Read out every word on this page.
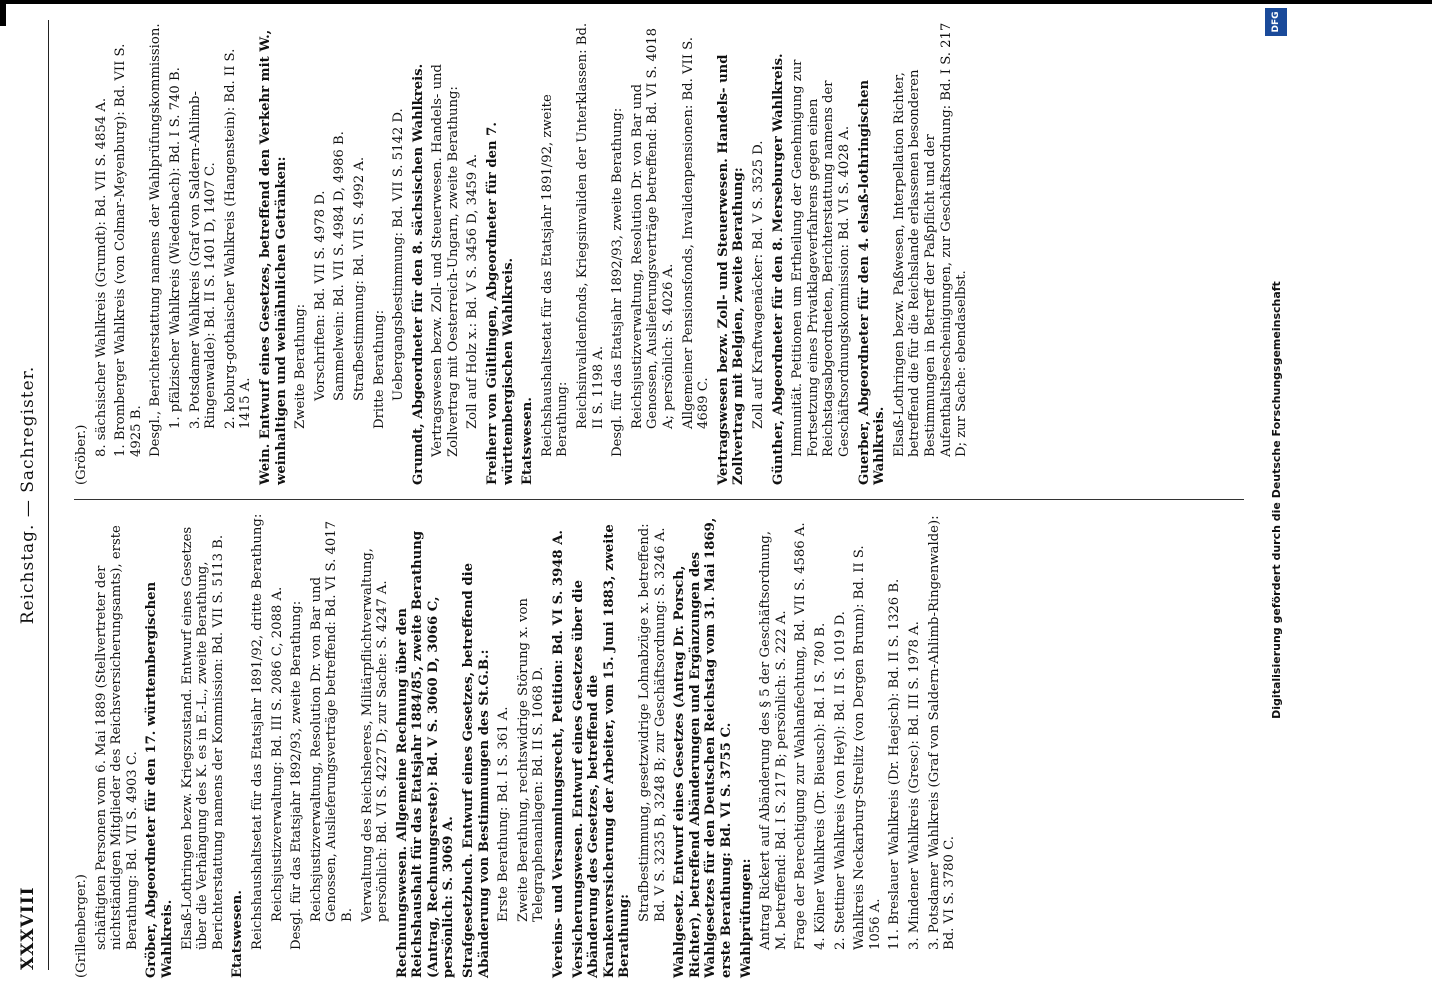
XXXVIII
Reichstag. — Sachregister.

(Grillenberger.) schäftigten Personen vom 6. Mai 1889 (Stellvertreter der nichtständigen Mitglieder des Reichsversicherungsamts), erste Berathung: Bd. VII S. 4903 C. Gröber, Abgeordneter für den 17. württembergischen Wahlkreis. Elsaß-Lothringen bezw. Kriegszustand. Entwurf eines Gesetzes über die Verhängung des K. es in E.-L., zweite Berathung, Berichterstattung namens der Kommission: Bd. VII S. 5113 B. Etatswesen. Reichshaushaltsetat für das Etatsjahr 1891/92, dritte Berathung: Reichsjustizverwaltung: Bd. III S. 2086 C, 2088 A. Desgl. für das Etatsjahr 1892/93, zweite Berathung: Reichsjustizverwaltung, Resolution Dr. von Bar und Genossen, Auslieferungsverträge betreffend: Bd. VI S. 4017 B. Verwaltung des Reichsheeres, Militärpflichtverwaltung, persönlich: Bd. VI S. 4227 D; zur Sache: S. 4247 A. Rechnungswesen. Allgemeine Rechnung über den Reichshaushalt für das Etatsjahr 1884/85, zweite Berathung (Antrag, Rechnungsreste): Bd. V S. 3060 D, 3066 C, persönlich: S. 3069 A. Strafgesetzbuch. Entwurf eines Gesetzes, betreffend die Abänderung von Bestimmungen des St.G.B.: Erste Berathung: Bd. I S. 361 A. Zweite Berathung, rechtswidrige Störung x. von Telegraphenanlagen: Bd. II S. 1068 D. Vereins- und Versammlungsrecht, Petition: Bd. VI S. 3948 A. Versicherungswesen. Entwurf eines Gesetzes über die Abänderung des Gesetzes, betreffend die Krankenversicherung der Arbeiter, vom 15. Juni 1883, zweite Berathung:

Strafbestimmung, gesetzwidrige Lohnabzüge x. betreffend: Bd. V S. 3235 B, 3248 B; zur Geschäftsordnung: S. 3246 A. Wahlgesetz. Entwurf eines Gesetzes (Antrag Dr. Porsch, Richter), betreffend Abänderungen und Ergänzungen des Wahlgesetzes für den Deutschen Reichstag vom 31. Mai 1869, erste Berathung: Bd. VI S. 3755 C. Wahlprüfungen: Antrag Rickert auf Abänderung des § 5 der Geschäftsordnung, M. betreffend: Bd. I S. 217 B; persönlich: S. 222 A. Frage der Berechtigung zur Wahlanfechtung, Bd. VII S. 4586 A. 4. Kölner Wahlkreis (Dr. Bieusch): Bd. I S. 780 B. 2. Stettiner Wahlkreis (von Heyl): Bd. II S. 1019 D. Wahlkreis Neckarburg-Strelitz (von Dergen Brunn): Bd. II S. 1056 A. 11. Breslauer Wahlkreis (Dr. Haejsch): Bd. II S. 1326 B. 3. Mindener Wahlkreis (Gresc): Bd. III S. 1978 A. 3. Potsdamer Wahlkreis (Graf von Saldern-Ahlimb-Ringenwalde): Bd. VI S. 3780 C.

(Gröber.) 8. sächsischer Wahlkreis (Grumdt): Bd. VII S. 4854 A. 1. Bromberger Wahlkreis (von Colmar-Meyenburg): Bd. VII S. 4925 B. Desgl., Berichterstattung namens der Wahlprüfungskommission. 1. pfälzischer Wahlkreis (Wiedenbach): Bd. I S. 740 B. 3. Potsdamer Wahlkreis (Graf von Saldern-Ahlimb-Ringenwalde): Bd. II S. 1401 D, 1407 C. 2. koburg-gothaischer Wahlkreis (Hangenstein): Bd. II S. 1415 A. Wein. Entwurf eines Gesetzes, betreffend den Verkehr mit W., weinhaltigen und weinähnlichen Getränken: Zweite Berathung: Vorschriften: Bd. VII S. 4978 D. Sammelwein: Bd. VII S. 4984 D, 4986 B. Strafbestimmung: Bd. VII S. 4992 A. Dritte Berathung: Uebergangsbestimmung: Bd. VII S. 5142 D. Grumdt, Abgeordneter für den 8. sächsischen Wahlkreis. Vertragswesen bezw. Zoll- und Steuerwesen. Handels- und Zollvertrag mit Oesterreich-Ungarn, zweite Berathung: Zoll auf Holz x.: Bd. V S. 3456 D, 3459 A. Freiherr von Gültlingen, Abgeordneter für den 7. württembergischen Wahlkreis. Etatswesen. Reichshaushaltsetat für das Etatsjahr 1891/92, zweite Berathung: Reichsinvalidenfonds, Kriegsinvaliden der Unterklassen: Bd. II S. 1198 A. Desgl. für das Etatsjahr 1892/93, zweite Berathung: Reichsjustizverwaltung, Resolution Dr. von Bar und Genossen, Auslieferungsverträge betreffend: Bd. VI S. 4018 A; persönlich: S. 4026 A. Allgemeiner Pensionsfonds, Invalidenpensionen: Bd. VII S. 4689 C. Vertragswesen bezw. Zoll- und Steuerwesen. Handels- und Zollvertrag mit Belgien, zweite Berathung: Zoll auf Kraftwagenäcker: Bd. V S. 3525 D. Günther, Abgeordneter für den 8. Merseburger Wahlkreis. Immunität. Petitionen um Ertheilung der Genehmigung zur Fortsetzung eines Privatklageverfahrens gegen einen Reichstagsabgeordneten, Berichterstattung namens der Geschäftsordnungskommission: Bd. VI S. 4028 A. Guerber, Abgeordneter für den 4. elsaß-lothringischen Wahlkreis. Elsaß-Lothringen bezw. Paßwesen, Interpellation Richter, betreffend die für die Reichslande erlassenen besonderen Bestimmungen in Betreff der Paßpflicht und der Aufenthaltsbescheinigungen, zur Geschäftsordnung: Bd. I S. 217 D; zur Sache: ebendaselbst.	Digitalisierung gefördert durch die Deutsche Forschungsgemeinschaft
DFG
